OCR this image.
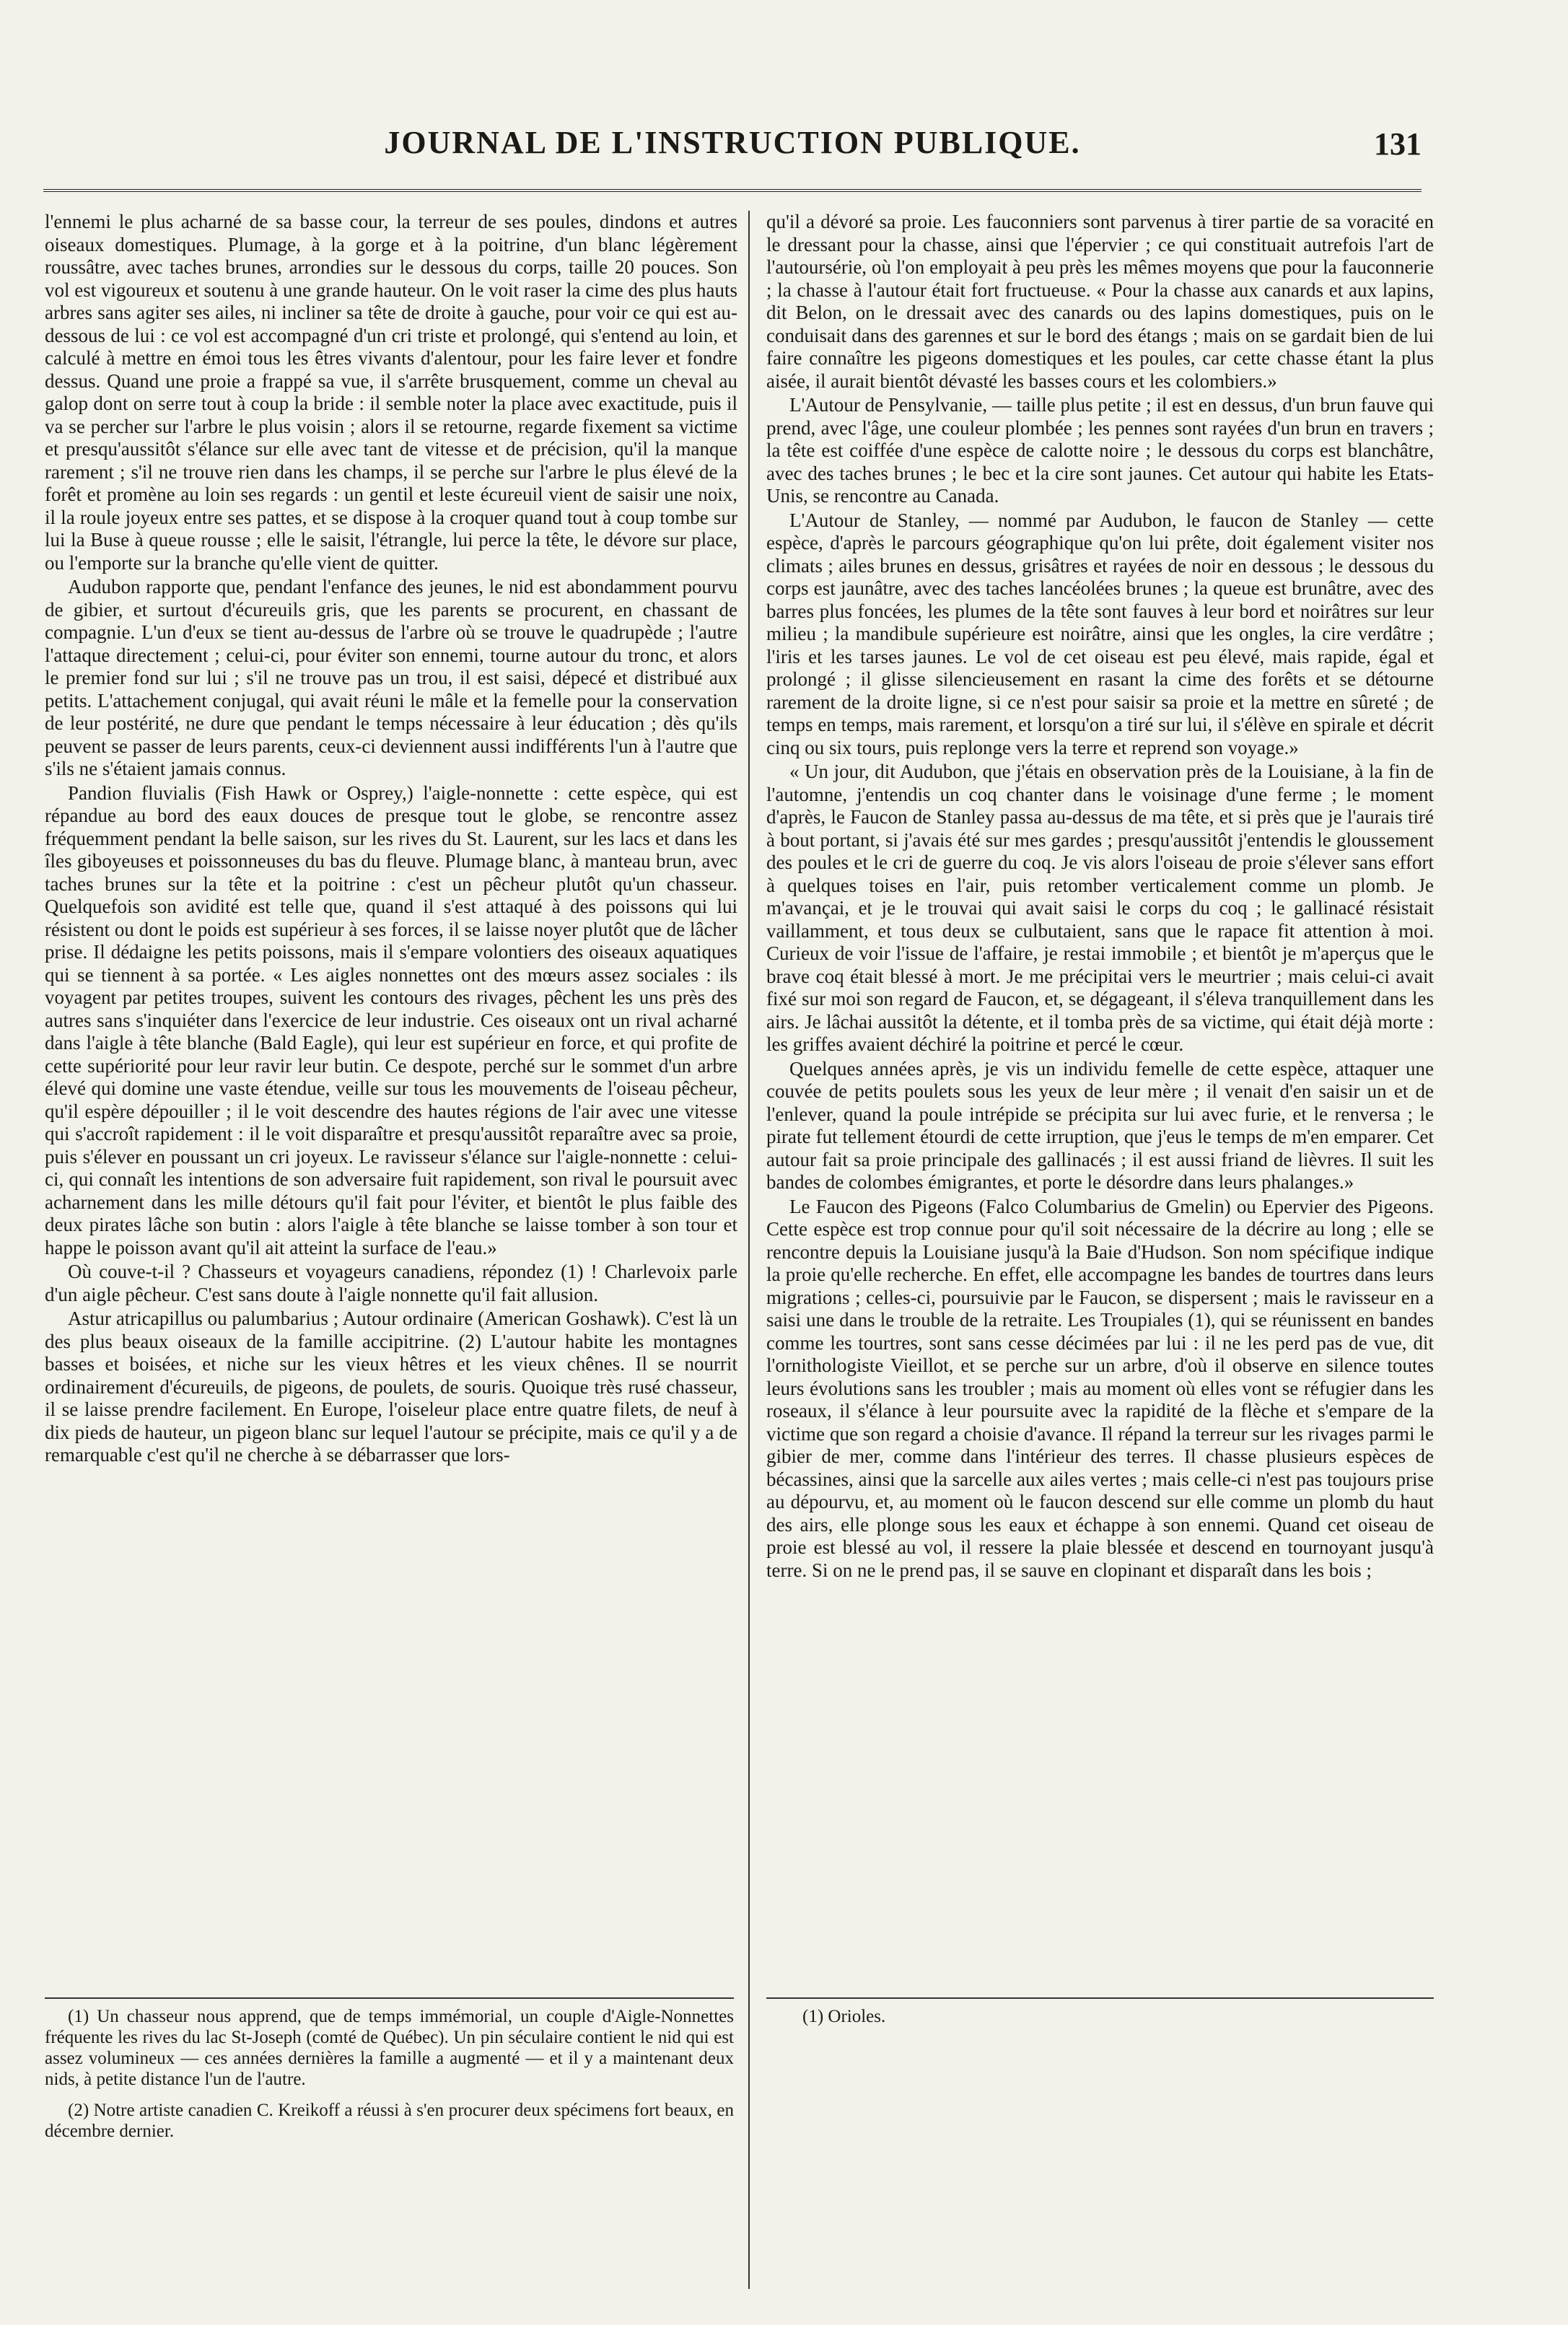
JOURNAL DE L'INSTRUCTION PUBLIQUE.	131

l'ennemi le plus acharné de sa basse cour, la terreur de ses poules, dindons et autres oiseaux domestiques. Plumage, à la gorge et à la poitrine, d'un blanc légèrement roussâtre, avec taches brunes, arrondies sur le dessous du corps, taille 20 pouces. Son vol est vigoureux et soutenu à une grande hauteur. On le voit raser la cime des plus hauts arbres sans agiter ses ailes, ni incliner sa tête de droite à gauche, pour voir ce qui est au-dessous de lui : ce vol est accompagné d'un cri triste et prolongé, qui s'entend au loin, et calculé à mettre en émoi tous les êtres vivants d'alentour, pour les faire lever et fondre dessus. Quand une proie a frappé sa vue, il s'arrête brusquement, comme un cheval au galop dont on serre tout à coup la bride : il semble noter la place avec exactitude, puis il va se percher sur l'arbre le plus voisin ; alors il se retourne, regarde fixement sa victime et presqu'aussitôt s'élance sur elle avec tant de vitesse et de précision, qu'il la manque rarement ; s'il ne trouve rien dans les champs, il se perche sur l'arbre le plus élevé de la forêt et promène au loin ses regards : un gentil et leste écureuil vient de saisir une noix, il la roule joyeux entre ses pattes, et se dispose à la croquer quand tout à coup tombe sur lui la Buse à queue rousse ; elle le saisit, l'étrangle, lui perce la tête, le dévore sur place, ou l'emporte sur la branche qu'elle vient de quitter.

Audubon rapporte que, pendant l'enfance des jeunes, le nid est abondamment pourvu de gibier, et surtout d'écureuils gris, que les parents se procurent, en chassant de compagnie. L'un d'eux se tient au-dessus de l'arbre où se trouve le quadrupède ; l'autre l'attaque directement ; celui-ci, pour éviter son ennemi, tourne autour du tronc, et alors le premier fond sur lui ; s'il ne trouve pas un trou, il est saisi, dépecé et distribué aux petits. L'attachement conjugal, qui avait réuni le mâle et la femelle pour la conservation de leur postérité, ne dure que pendant le temps nécessaire à leur éducation ; dès qu'ils peuvent se passer de leurs parents, ceux-ci deviennent aussi indifférents l'un à l'autre que s'ils ne s'étaient jamais connus.

Pandion fluvialis (Fish Hawk or Osprey,) l'aigle-nonnette : cette espèce, qui est répandue au bord des eaux douces de presque tout le globe, se rencontre assez fréquemment pendant la belle saison, sur les rives du St. Laurent, sur les lacs et dans les îles giboyeuses et poissonneuses du bas du fleuve. Plumage blanc, à manteau brun, avec taches brunes sur la tête et la poitrine : c'est un pêcheur plutôt qu'un chasseur. Quelquefois son avidité est telle que, quand il s'est attaqué à des poissons qui lui résistent ou dont le poids est supérieur à ses forces, il se laisse noyer plutôt que de lâcher prise. Il dédaigne les petits poissons, mais il s'empare volontiers des oiseaux aquatiques qui se tiennent à sa portée. « Les aigles nonnettes ont des mœurs assez sociales : ils voyagent par petites troupes, suivent les contours des rivages, pêchent les uns près des autres sans s'inquiéter dans l'exercice de leur industrie. Ces oiseaux ont un rival acharné dans l'aigle à tête blanche (Bald Eagle), qui leur est supérieur en force, et qui profite de cette supériorité pour leur ravir leur butin. Ce despote, perché sur le sommet d'un arbre élevé qui domine une vaste étendue, veille sur tous les mouvements de l'oiseau pêcheur, qu'il espère dépouiller ; il le voit descendre des hautes régions de l'air avec une vitesse qui s'accroît rapidement : il le voit disparaître et presqu'aussitôt reparaître avec sa proie, puis s'élever en poussant un cri joyeux. Le ravisseur s'élance sur l'aigle-nonnette : celui-ci, qui connaît les intentions de son adversaire fuit rapidement, son rival le poursuit avec acharnement dans les mille détours qu'il fait pour l'éviter, et bientôt le plus faible des deux pirates lâche son butin : alors l'aigle à tête blanche se laisse tomber à son tour et happe le poisson avant qu'il ait atteint la surface de l'eau.»

Où couve-t-il ? Chasseurs et voyageurs canadiens, répondez (1) ! Charlevoix parle d'un aigle pêcheur. C'est sans doute à l'aigle nonnette qu'il fait allusion.

Astur atricapillus ou palumbarius ; Autour ordinaire (American Goshawk). C'est là un des plus beaux oiseaux de la famille accipitrine. (2) L'autour habite les montagnes basses et boisées, et niche sur les vieux hêtres et les vieux chênes. Il se nourrit ordinairement d'écureuils, de pigeons, de poulets, de souris. Quoique très rusé chasseur, il se laisse prendre facilement. En Europe, l'oiseleur place entre quatre filets, de neuf à dix pieds de hauteur, un pigeon blanc sur lequel l'autour se précipite, mais ce qu'il y a de remarquable c'est qu'il ne cherche à se débarrasser que lors-

qu'il a dévoré sa proie. Les fauconniers sont parvenus à tirer partie de sa voracité en le dressant pour la chasse, ainsi que l'épervier ; ce qui constituait autrefois l'art de l'autoursérie, où l'on employait à peu près les mêmes moyens que pour la fauconnerie ; la chasse à l'autour était fort fructueuse. « Pour la chasse aux canards et aux lapins, dit Belon, on le dressait avec des canards ou des lapins domestiques, puis on le conduisait dans des garennes et sur le bord des étangs ; mais on se gardait bien de lui faire connaître les pigeons domestiques et les poules, car cette chasse étant la plus aisée, il aurait bientôt dévasté les basses cours et les colombiers.»

L'Autour de Pensylvanie, — taille plus petite ; il est en dessus, d'un brun fauve qui prend, avec l'âge, une couleur plombée ; les pennes sont rayées d'un brun en travers ; la tête est coiffée d'une espèce de calotte noire ; le dessous du corps est blanchâtre, avec des taches brunes ; le bec et la cire sont jaunes. Cet autour qui habite les Etats-Unis, se rencontre au Canada.

L'Autour de Stanley, — nommé par Audubon, le faucon de Stanley — cette espèce, d'après le parcours géographique qu'on lui prête, doit également visiter nos climats ; ailes brunes en dessus, grisâtres et rayées de noir en dessous ; le dessous du corps est jaunâtre, avec des taches lancéolées brunes ; la queue est brunâtre, avec des barres plus foncées, les plumes de la tête sont fauves à leur bord et noirâtres sur leur milieu ; la mandibule supérieure est noirâtre, ainsi que les ongles, la cire verdâtre ; l'iris et les tarses jaunes. Le vol de cet oiseau est peu élevé, mais rapide, égal et prolongé ; il glisse silencieusement en rasant la cime des forêts et se détourne rarement de la droite ligne, si ce n'est pour saisir sa proie et la mettre en sûreté ; de temps en temps, mais rarement, et lorsqu'on a tiré sur lui, il s'élève en spirale et décrit cinq ou six tours, puis replonge vers la terre et reprend son voyage.»

« Un jour, dit Audubon, que j'étais en observation près de la Louisiane, à la fin de l'automne, j'entendis un coq chanter dans le voisinage d'une ferme ; le moment d'après, le Faucon de Stanley passa au-dessus de ma tête, et si près que je l'aurais tiré à bout portant, si j'avais été sur mes gardes ; presqu'aussitôt j'entendis le gloussement des poules et le cri de guerre du coq. Je vis alors l'oiseau de proie s'élever sans effort à quelques toises en l'air, puis retomber verticalement comme un plomb. Je m'avançai, et je le trouvai qui avait saisi le corps du coq ; le gallinacé résistait vaillamment, et tous deux se culbutaient, sans que le rapace fit attention à moi. Curieux de voir l'issue de l'affaire, je restai immobile ; et bientôt je m'aperçus que le brave coq était blessé à mort. Je me précipitai vers le meurtrier ; mais celui-ci avait fixé sur moi son regard de Faucon, et, se dégageant, il s'éleva tranquillement dans les airs. Je lâchai aussitôt la détente, et il tomba près de sa victime, qui était déjà morte : les griffes avaient déchiré la poitrine et percé le cœur.

Quelques années après, je vis un individu femelle de cette espèce, attaquer une couvée de petits poulets sous les yeux de leur mère ; il venait d'en saisir un et de l'enlever, quand la poule intrépide se précipita sur lui avec furie, et le renversa ; le pirate fut tellement étourdi de cette irruption, que j'eus le temps de m'en emparer. Cet autour fait sa proie principale des gallinacés ; il est aussi friand de lièvres. Il suit les bandes de colombes émigrantes, et porte le désordre dans leurs phalanges.»

Le Faucon des Pigeons (Falco Columbarius de Gmelin) ou Epervier des Pigeons. Cette espèce est trop connue pour qu'il soit nécessaire de la décrire au long ; elle se rencontre depuis la Louisiane jusqu'à la Baie d'Hudson. Son nom spécifique indique la proie qu'elle recherche. En effet, elle accompagne les bandes de tourtres dans leurs migrations ; celles-ci, poursuivie par le Faucon, se dispersent ; mais le ravisseur en a saisi une dans le trouble de la retraite. Les Troupiales (1), qui se réunissent en bandes comme les tourtres, sont sans cesse décimées par lui : il ne les perd pas de vue, dit l'ornithologiste Vieillot, et se perche sur un arbre, d'où il observe en silence toutes leurs évolutions sans les troubler ; mais au moment où elles vont se réfugier dans les roseaux, il s'élance à leur poursuite avec la rapidité de la flèche et s'empare de la victime que son regard a choisie d'avance. Il répand la terreur sur les rivages parmi le gibier de mer, comme dans l'intérieur des terres. Il chasse plusieurs espèces de bécassines, ainsi que la sarcelle aux ailes vertes ; mais celle-ci n'est pas toujours prise au dépourvu, et, au moment où le faucon descend sur elle comme un plomb du haut des airs, elle plonge sous les eaux et échappe à son ennemi. Quand cet oiseau de proie est blessé au vol, il ressere la plaie blessée et descend en tournoyant jusqu'à terre. Si on ne le prend pas, il se sauve en clopinant et disparaît dans les bois ;

(1) Un chasseur nous apprend, que de temps immémorial, un couple d'Aigle-Nonnettes fréquente les rives du lac St-Joseph (comté de Québec). Un pin séculaire contient le nid qui est assez volumineux — ces années dernières la famille a augmenté — et il y a maintenant deux nids, à petite distance l'un de l'autre.

(2) Notre artiste canadien C. Kreikoff a réussi à s'en procurer deux spécimens fort beaux, en décembre dernier.

(1) Orioles.
